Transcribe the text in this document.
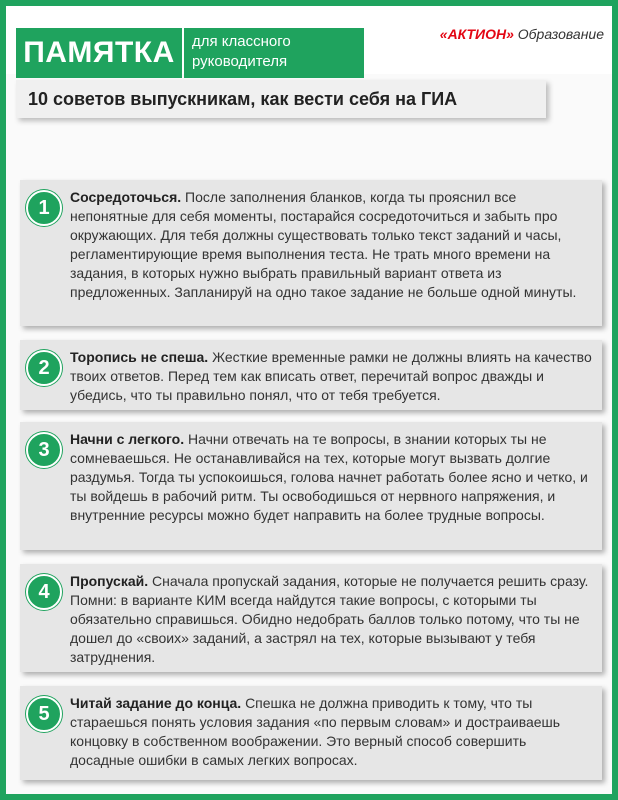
ПАМЯТКА	для классного руководителя
«АКТИОН» Образование
10 советов выпускникам, как вести себя на ГИА
1	Сосредоточься. После заполнения бланков, когда ты прояснил все непонятные для себя моменты, постарайся сосредоточиться и забыть про окружающих. Для тебя должны существовать только текст заданий и часы, регламентирующие время выполнения теста. Не трать много времени на задания, в которых нужно выбрать правильный вариант ответа из предложенных. Запланируй на одно такое задание не больше одной минуты.
2	Торопись не спеша. Жесткие временные рамки не должны влиять на качество твоих ответов. Перед тем как вписать ответ, перечитай вопрос дважды и убедись, что ты правильно понял, что от тебя требуется.
3	Начни с легкого. Начни отвечать на те вопросы, в знании которых ты не сомневаешься. Не останавливайся на тех, которые могут вызвать долгие раздумья. Тогда ты успокоишься, голова начнет работать более ясно и четко, и ты войдешь в рабочий ритм. Ты освободишься от нервного напряжения, и внутренние ресурсы можно будет направить на более трудные вопросы.
4	Пропускай. Сначала пропускай задания, которые не получается решить сразу. Помни: в варианте КИМ всегда найдутся такие вопросы, с которыми ты обязательно справишься. Обидно недобрать баллов только потому, что ты не дошел до «своих» заданий, а застрял на тех, которые вызывают у тебя затруднения.
5	Читай задание до конца. Спешка не должна приводить к тому, что ты стараешься понять условия задания «по первым словам» и достраиваешь концовку в собственном воображении. Это верный способ совершить досадные ошибки в самых легких вопросах.
